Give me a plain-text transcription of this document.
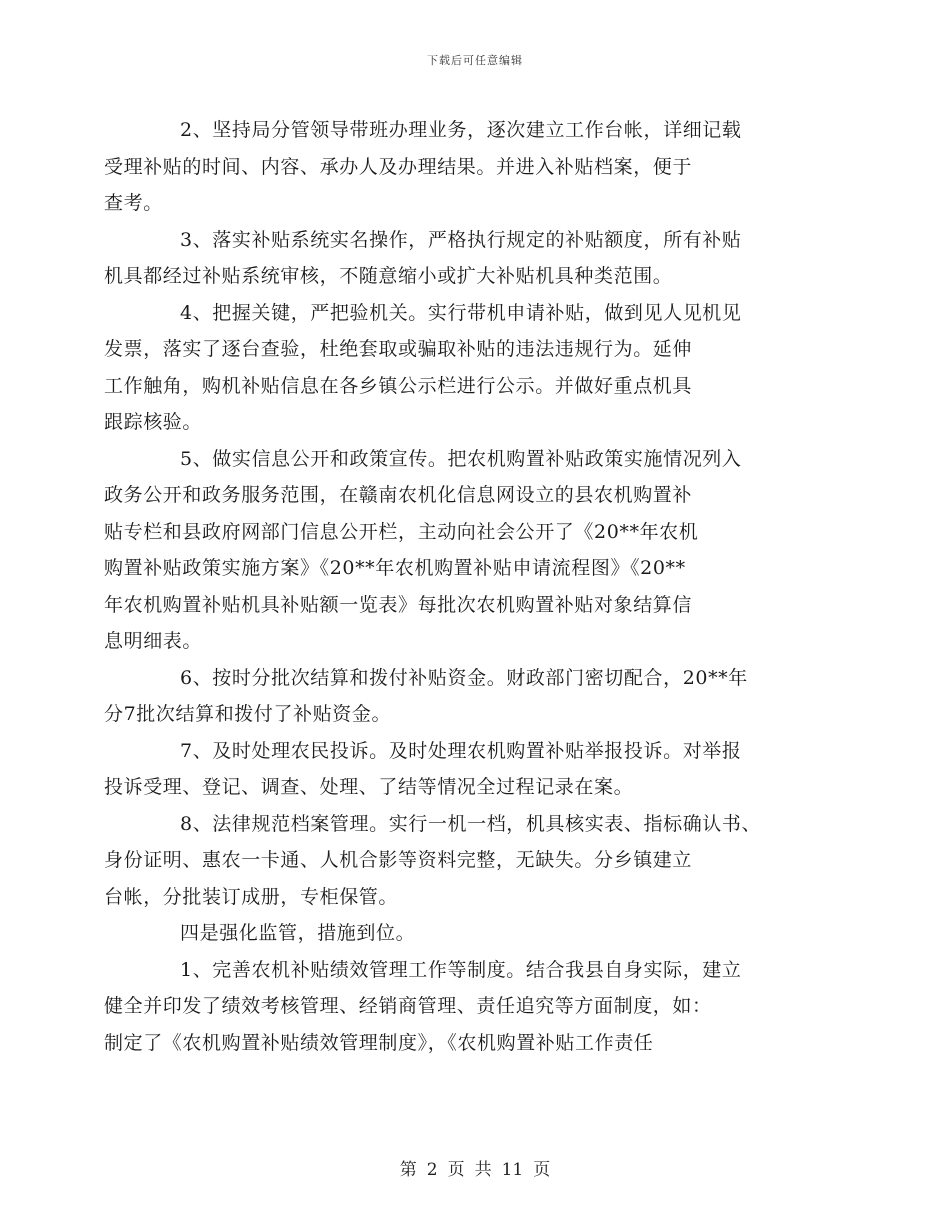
下载后可任意编辑

2、坚持局分管领导带班办理业务，逐次建立工作台帐，详细记载
受理补贴的时间、内容、承办人及办理结果。并进入补贴档案，便于
查考。

3、落实补贴系统实名操作，严格执行规定的补贴额度，所有补贴
机具都经过补贴系统审核，不随意缩小或扩大补贴机具种类范围。

4、把握关键，严把验机关。实行带机申请补贴，做到见人见机见
发票，落实了逐台查验，杜绝套取或骗取补贴的违法违规行为。延伸
工作触角，购机补贴信息在各乡镇公示栏进行公示。并做好重点机具
跟踪核验。

5、做实信息公开和政策宣传。把农机购置补贴政策实施情况列入
政务公开和政务服务范围，在赣南农机化信息网设立的县农机购置补
贴专栏和县政府网部门信息公开栏，主动向社会公开了《20**年农机
购置补贴政策实施方案》《20**年农机购置补贴申请流程图》《20**
年农机购置补贴机具补贴额一览表》每批次农机购置补贴对象结算信
息明细表。

6、按时分批次结算和拨付补贴资金。财政部门密切配合，20**年
分7批次结算和拨付了补贴资金。

7、及时处理农民投诉。及时处理农机购置补贴举报投诉。对举报
投诉受理、登记、调查、处理、了结等情况全过程记录在案。

8、法律规范档案管理。实行一机一档，机具核实表、指标确认书、
身份证明、惠农一卡通、人机合影等资料完整，无缺失。分乡镇建立
台帐，分批装订成册，专柜保管。

四是强化监管，措施到位。

1、完善农机补贴绩效管理工作等制度。结合我县自身实际，建立
健全并印发了绩效考核管理、经销商管理、责任追究等方面制度，如：
制定了《农机购置补贴绩效管理制度》，《农机购置补贴工作责任

第 2 页 共 11 页
